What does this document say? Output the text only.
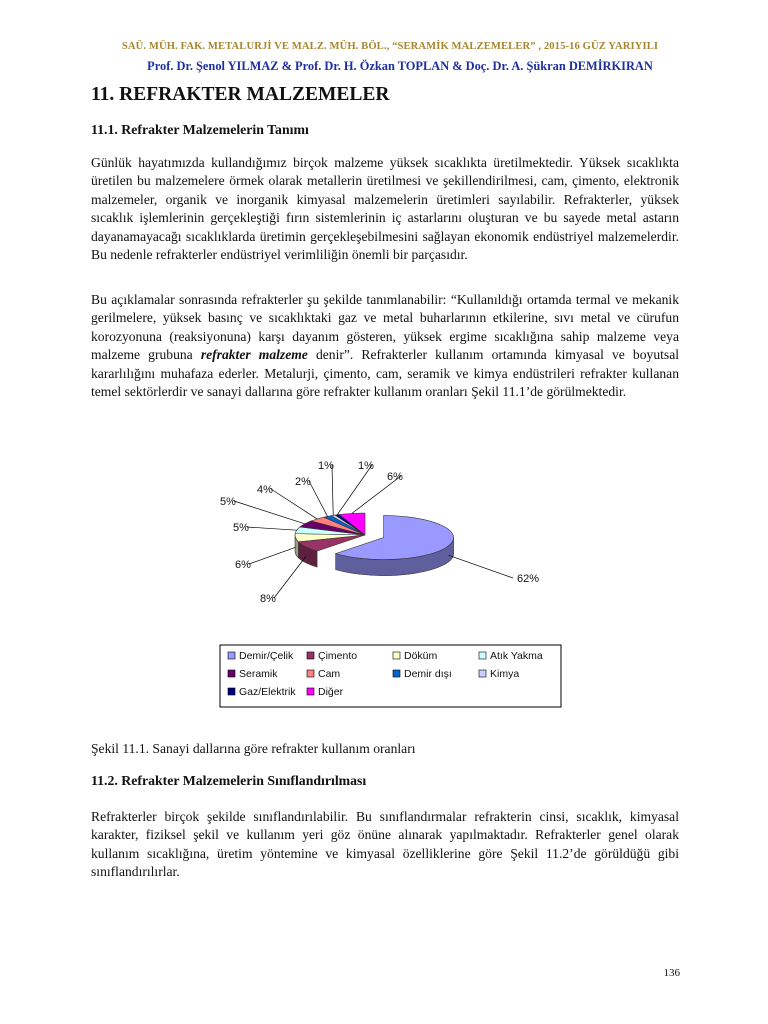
SAÜ. MÜH. FAK. METALURJİ VE MALZ. MÜH. BÖL., “SERAMİK MALZEMELER” , 2015-16 GÜZ YARIYILI
Prof. Dr. Şenol YILMAZ & Prof. Dr. H. Özkan TOPLAN & Doç. Dr. A. Şükran DEMİRKIRAN
11. REFRAKTER MALZEMELER
11.1. Refrakter Malzemelerin Tanımı

Günlük hayatımızda kullandığımız birçok malzeme yüksek sıcaklıkta üretilmektedir. Yüksek sıcaklıkta üretilen bu malzemelere örmek olarak metallerin üretilmesi ve şekillendirilmesi, cam, çimento, elektronik malzemeler, organik ve inorganik kimyasal malzemelerin üretimleri sayılabilir. Refrakterler, yüksek sıcaklık işlemlerinin gerçekleştiği fırın sistemlerinin iç astarlarını oluşturan ve bu sayede metal astarın dayanamayacağı sıcaklıklarda üretimin gerçekleşebilmesini sağlayan ekonomik endüstriyel malzemelerdir. Bu nedenle refrakterler endüstriyel verimliliğin önemli bir parçasıdır.

Bu açıklamalar sonrasında refrakterler şu şekilde tanımlanabilir: “Kullanıldığı ortamda termal ve mekanik gerilmelere, yüksek basınç ve sıcaklıktaki gaz ve metal buharlarının etkilerine, sıvı metal ve cürufun korozyonuna (reaksiyonuna) karşı dayanım gösteren, yüksek ergime sıcaklığına sahip malzeme veya malzeme grubuna refrakter malzeme denir”. Refrakterler kullanım ortamında kimyasal ve boyutsal kararlılığını muhafaza ederler. Metalurji, çimento, cam, seramik ve kimya endüstrileri refrakter kullanan temel sektörlerdir ve sanayi dallarına göre refrakter kullanım oranları Şekil 11.1’de görülmektedir.

62%
8%
6%
5%
5%
4%
2%
1% 1%
6%
Demir/Çelik Çimento	Döküm	Atık Yakma
Seramik	Cam	Demir dışı	Kimya
Gaz/Elektrik Diğer
Şekil 11.1. Sanayi dallarına göre refrakter kullanım oranları
11.2. Refrakter Malzemelerin Sınıflandırılması

Refrakterler birçok şekilde sınıflandırılabilir. Bu sınıflandırmalar refrakterin cinsi, sıcaklık, kimyasal karakter, fiziksel şekil ve kullanım yeri göz önüne alınarak yapılmaktadır. Refrakterler genel olarak kullanım sıcaklığına, üretim yöntemine ve kimyasal özelliklerine göre Şekil 11.2’de görüldüğü gibi sınıflandırılırlar.

136
